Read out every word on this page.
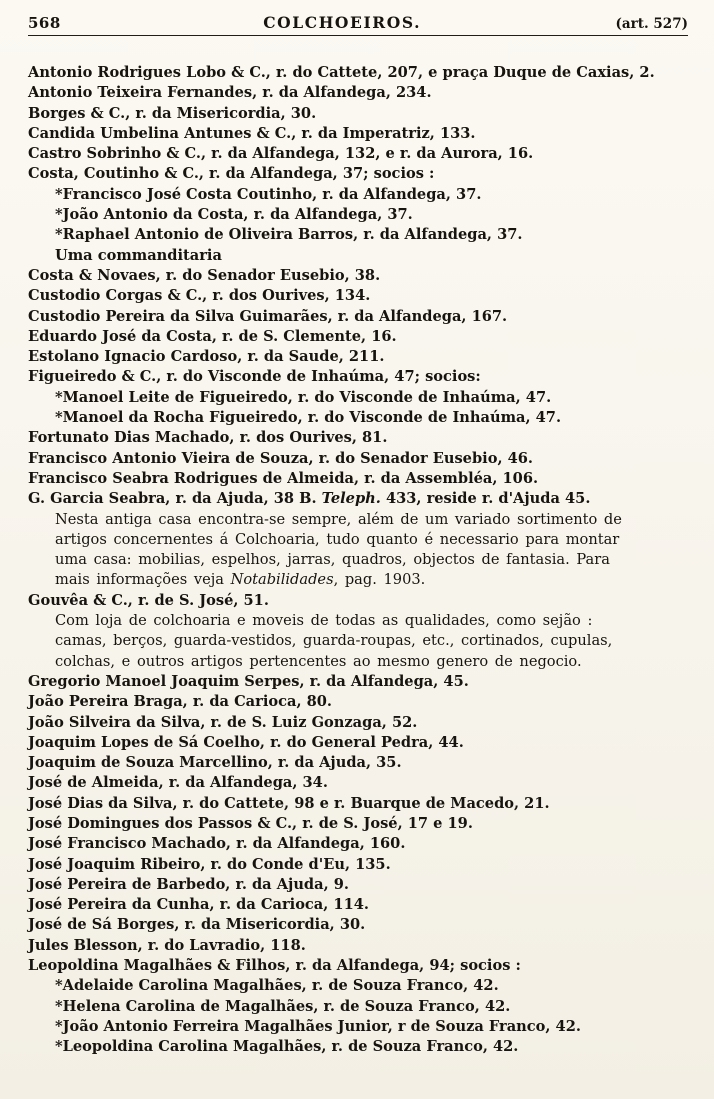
568	COLCHOEIROS.	(art. 527)
Antonio Rodrigues Lobo & C., r. do Cattete, 207, e praça Duque de Caxias, 2.
Antonio Teixeira Fernandes, r. da Alfandega, 234.
Borges & C., r. da Misericordia, 30.
Candida Umbelina Antunes & C., r. da Imperatriz, 133.
Castro Sobrinho & C., r. da Alfandega, 132, e r. da Aurora, 16.
Costa, Coutinho & C., r. da Alfandega, 37; socios :
*Francisco José Costa Coutinho, r. da Alfandega, 37.
*João Antonio da Costa, r. da Alfandega, 37.
*Raphael Antonio de Oliveira Barros, r. da Alfandega, 37.
Uma commanditaria
Costa & Novaes, r. do Senador Eusebio, 38.
Custodio Corgas & C., r. dos Ourives, 134.
Custodio Pereira da Silva Guimarães, r. da Alfandega, 167.
Eduardo José da Costa, r. de S. Clemente, 16.
Estolano Ignacio Cardoso, r. da Saude, 211.
Figueiredo & C., r. do Visconde de Inhaúma, 47; socios:
*Manoel Leite de Figueiredo, r. do Visconde de Inhaúma, 47.
*Manoel da Rocha Figueiredo, r. do Visconde de Inhaúma, 47.
Fortunato Dias Machado, r. dos Ourives, 81.
Francisco Antonio Vieira de Souza, r. do Senador Eusebio, 46.
Francisco Seabra Rodrigues de Almeida, r. da Assembléa, 106.
G. Garcia Seabra, r. da Ajuda, 38 B. Teleph. 433, reside r. d'Ajuda 45.
Nesta antiga casa encontra-se sempre, além de um variado sortimento de
artigos concernentes á Colchoaria, tudo quanto é necessario para montar
uma casa: mobilias, espelhos, jarras, quadros, objectos de fantasia. Para
mais informações veja Notabilidades, pag. 1903.
Gouvêa & C., r. de S. José, 51.
Com loja de colchoaria e moveis de todas as qualidades, como sejão :
camas, berços, guarda-vestidos, guarda-roupas, etc., cortinados, cupulas,
colchas, e outros artigos pertencentes ao mesmo genero de negocio.
Gregorio Manoel Joaquim Serpes, r. da Alfandega, 45.
João Pereira Braga, r. da Carioca, 80.
João Silveira da Silva, r. de S. Luiz Gonzaga, 52.
Joaquim Lopes de Sá Coelho, r. do General Pedra, 44.
Joaquim de Souza Marcellino, r. da Ajuda, 35.
José de Almeida, r. da Alfandega, 34.
José Dias da Silva, r. do Cattete, 98 e r. Buarque de Macedo, 21.
José Domingues dos Passos & C., r. de S. José, 17 e 19.
José Francisco Machado, r. da Alfandega, 160.
José Joaquim Ribeiro, r. do Conde d'Eu, 135.
José Pereira de Barbedo, r. da Ajuda, 9.
José Pereira da Cunha, r. da Carioca, 114.
José de Sá Borges, r. da Misericordia, 30.
Jules Blesson, r. do Lavradio, 118.
Leopoldina Magalhães & Filhos, r. da Alfandega, 94; socios :
*Adelaide Carolina Magalhães, r. de Souza Franco, 42.
*Helena Carolina de Magalhães, r. de Souza Franco, 42.
*João Antonio Ferreira Magalhães Junior, r de Souza Franco, 42.
*Leopoldina Carolina Magalhães, r. de Souza Franco, 42.
